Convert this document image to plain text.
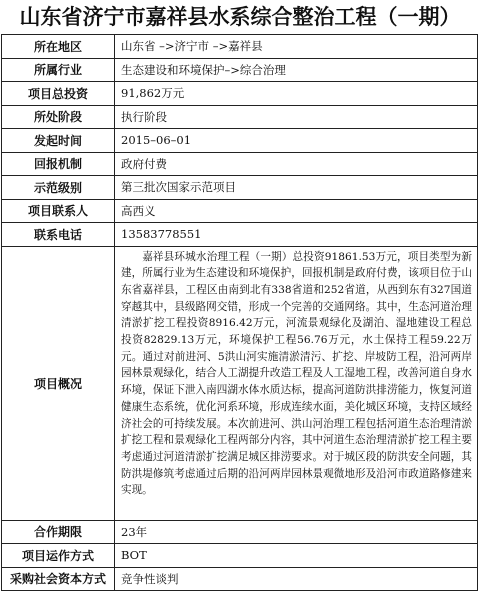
山东省济宁市嘉祥县水系综合整治工程（一期）
所在地区	山东省 –>济宁市 –>嘉祥县
所属行业	生态建设和环境保护–>综合治理
项目总投资	91,862万元
所处阶段	执行阶段
发起时间	2015–06–01
回报机制	政府付费
示范级别	第三批次国家示范项目
项目联系人	高西义
联系电话	13583778551
项目概况	嘉祥县环城水治理工程（一期）总投资91861.53万元，项目类型为新建，所属行业为生态建设和环境保护，回报机制是政府付费，该项目位于山东省嘉祥县，工程区由南到北有338省道和252省道，从西到东有327国道穿越其中，县级路网交错，形成一个完善的交通网络。其中，生态河道治理清淤扩挖工程投资8916.42万元，河流景观绿化及湖泊、湿地建设工程总投资82829.13万元，环境保护工程56.76万元，水土保持工程59.22万元。通过对前进河、5洪山河实施清淤清污、扩挖、岸坡防工程，沿河两岸园林景观绿化，结合人工湖提升改造工程及人工湿地工程，改善河道自身水环境，保证下泄入南四湖水体水质达标，提高河道防洪排涝能力，恢复河道健康生态系统，优化河系环境，形成连续水面，美化城区环境，支持区域经济社会的可持续发展。本次前进河、洪山河治理工程包括河道生态治理清淤扩挖工程和景观绿化工程两部分内容，其中河道生态治理清淤扩挖工程主要考虑通过河道清淤扩挖满足城区排涝要求。对于城区段的防洪安全问题，其防洪堤修筑考虑通过后期的沿河两岸园林景观微地形及沿河市政道路修建来实现。
合作期限	23年
项目运作方式	BOT
采购社会资本方式	竞争性谈判
